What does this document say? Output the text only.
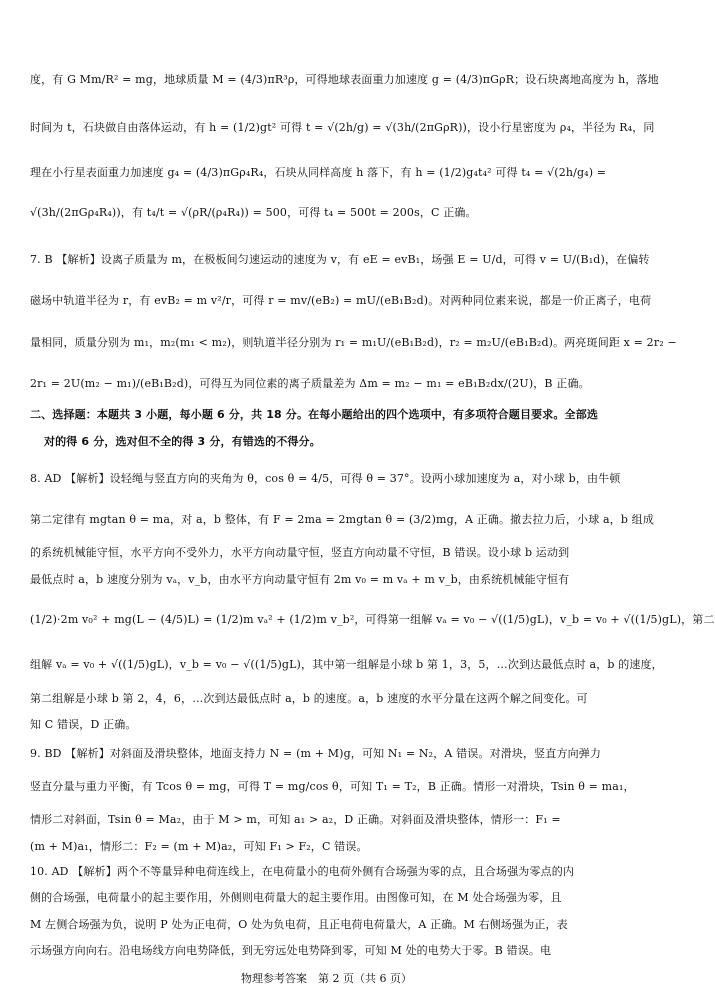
度，有 G Mm/R² = mg，地球质量 M = (4/3)πR³ρ，可得地球表面重力加速度 g = (4/3)πGρR；设石块离地高度为 h，落地
时间为 t，石块做自由落体运动，有 h = (1/2)gt² 可得 t = √(2h/g) = √(3h/(2πGρR))，设小行星密度为 ρ₄，半径为 R₄，同
理在小行星表面重力加速度 g₄ = (4/3)πGρ₄R₄，石块从同样高度 h 落下，有 h = (1/2)g₄t₄² 可得 t₄ = √(2h/g₄) =
√(3h/(2πGρ₄R₄))，有 t₄/t = √(ρR/(ρ₄R₄)) = 500，可得 t₄ = 500t = 200s，C 正确。
7. B 【解析】设离子质量为 m，在极板间匀速运动的速度为 v，有 eE = evB₁，场强 E = U/d，可得 v = U/(B₁d)，在偏转
磁场中轨道半径为 r，有 evB₂ = m v²/r，可得 r = mv/(eB₂) = mU/(eB₁B₂d)。对两种同位素来说，都是一价正离子，电荷
量相同，质量分别为 m₁，m₂(m₁ < m₂)，则轨道半径分别为 r₁ = m₁U/(eB₁B₂d)，r₂ = m₂U/(eB₁B₂d)。两亮斑间距 x = 2r₂ −
2r₁ = 2U(m₂ − m₁)/(eB₁B₂d)，可得互为同位素的离子质量差为 Δm = m₂ − m₁ = eB₁B₂dx/(2U)，B 正确。
二、选择题：本题共 3 小题，每小题 6 分，共 18 分。在每小题给出的四个选项中，有多项符合题目要求。全部选
对的得 6 分，选对但不全的得 3 分，有错选的不得分。
8. AD 【解析】设轻绳与竖直方向的夹角为 θ，cos θ = 4/5，可得 θ = 37°。设两小球加速度为 a，对小球 b，由牛顿
第二定律有 mgtan θ = ma，对 a，b 整体，有 F = 2ma = 2mgtan θ = (3/2)mg，A 正确。撤去拉力后，小球 a，b 组成
的系统机械能守恒，水平方向不受外力，水平方向动量守恒，竖直方向动量不守恒，B 错误。设小球 b 运动到
最低点时 a，b 速度分别为 vₐ，v_b，由水平方向动量守恒有 2m v₀ = m vₐ + m v_b，由系统机械能守恒有
(1/2)·2m v₀² + mg(L − (4/5)L) = (1/2)m vₐ² + (1/2)m v_b²，可得第一组解 vₐ = v₀ − √((1/5)gL)，v_b = v₀ + √((1/5)gL)，第二
组解 vₐ = v₀ + √((1/5)gL)，v_b = v₀ − √((1/5)gL)，其中第一组解是小球 b 第 1，3，5，…次到达最低点时 a，b 的速度，
第二组解是小球 b 第 2，4，6，…次到达最低点时 a，b 的速度。a，b 速度的水平分量在这两个解之间变化。可
知 C 错误，D 正确。
9. BD 【解析】对斜面及滑块整体，地面支持力 N = (m + M)g，可知 N₁ = N₂，A 错误。对滑块，竖直方向弹力
竖直分量与重力平衡，有 Tcos θ = mg，可得 T = mg/cos θ，可知 T₁ = T₂，B 正确。情形一对滑块，Tsin θ = ma₁，
情形二对斜面，Tsin θ = Ma₂，由于 M > m，可知 a₁ > a₂，D 正确。对斜面及滑块整体，情形一：F₁ =
(m + M)a₁，情形二：F₂ = (m + M)a₂，可知 F₁ > F₂，C 错误。
10. AD 【解析】两个不等量异种电荷连线上，在电荷量小的电荷外侧有合场强为零的点，且合场强为零点的内
侧的合场强，电荷量小的起主要作用，外侧则电荷量大的起主要作用。由图像可知，在 M 处合场强为零，且
M 左侧合场强为负，说明 P 处为正电荷，O 处为负电荷，且正电荷电荷量大，A 正确。M 右侧场强为正，表
示场强方向向右。沿电场线方向电势降低，到无穷远处电势降到零，可知 M 处的电势大于零。B 错误。电
物理参考答案　第 2 页（共 6 页）
